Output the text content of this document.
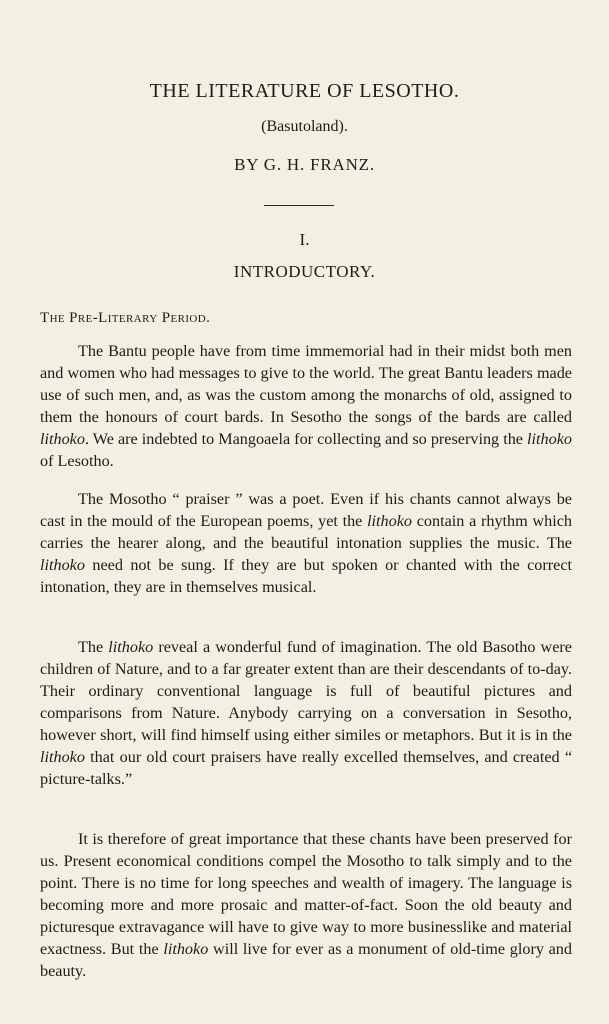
THE LITERATURE OF LESOTHO.
(Basutoland).
BY G. H. FRANZ.
I.
INTRODUCTORY.
The Pre-Literary Period.

The Bantu people have from time immemorial had in their midst both men and women who had messages to give to the world. The great Bantu leaders made use of such men, and, as was the custom among the monarchs of old, assigned to them the honours of court bards. In Sesotho the songs of the bards are called lithoko. We are indebted to Mangoaela for collecting and so preserving the lithoko of Lesotho.

The Mosotho “ praiser ” was a poet. Even if his chants cannot always be cast in the mould of the European poems, yet the lithoko contain a rhythm which carries the hearer along, and the beautiful intonation supplies the music. The lithoko need not be sung. If they are but spoken or chanted with the correct intonation, they are in themselves musical.

The lithoko reveal a wonderful fund of imagination. The old Basotho were children of Nature, and to a far greater extent than are their descendants of to-day. Their ordinary conventional language is full of beautiful pictures and comparisons from Nature. Anybody carrying on a conversation in Sesotho, however short, will find himself using either similes or metaphors. But it is in the lithoko that our old court praisers have really excelled themselves, and created “ picture-talks.”

It is therefore of great importance that these chants have been preserved for us. Present economical conditions compel the Mosotho to talk simply and to the point. There is no time for long speeches and wealth of imagery. The language is becoming more and more prosaic and matter-of-fact. Soon the old beauty and picturesque extravagance will have to give way to more businesslike and material exactness. But the lithoko will live for ever as a monument of old-time glory and beauty.
